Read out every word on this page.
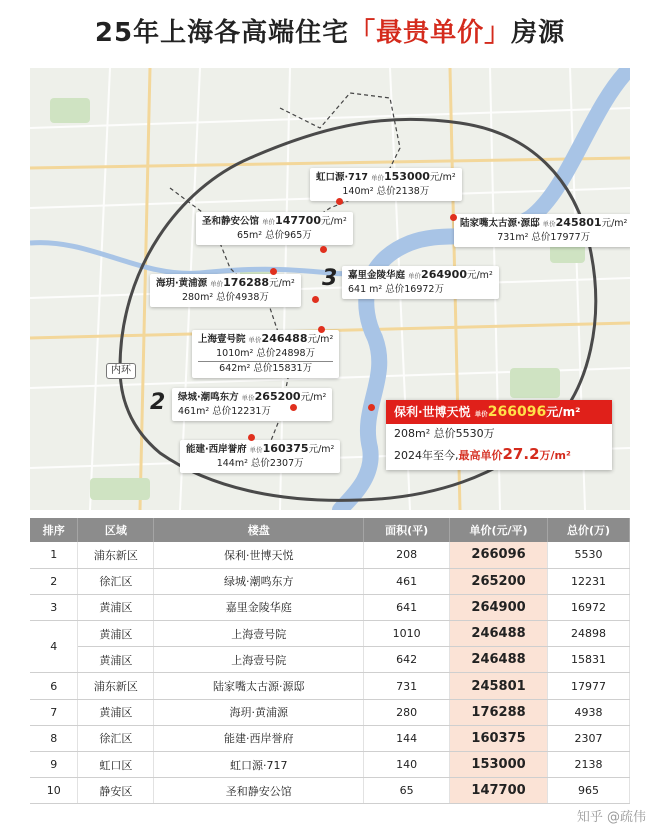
25年上海各高端住宅 「最贵单价」 房源
内环
虹口源·717 单价153000元/m²
140m² 总价2138万
圣和静安公馆 单价147700元/m²
65m² 总价965万
陆家嘴太古源·源邸 单价245801元/m²
731m² 总价17977万
海玥·黄浦源 单价176288元/m²
280m² 总价4938万
3 嘉里金陵华庭 单价264900元/m²
641 m² 总价16972万
上海壹号院 单价246488元/m²
1010m² 总价24898万
642m² 总价15831万
2 绿城·潮鸣东方 单价265200元/m²
461m² 总价12231万
能建·西岸誉府 单价160375元/m²
144m² 总价2307万
保利·世博天悦 单价266096元/m²
208m² 总价5530万
2024年至今,最高单价27.2万/m²
排序	区域	楼盘	面积(平)	单价(元/平)	总价(万)
1	浦东新区	保利·世博天悦	208	266096	5530
2	徐汇区	绿城·潮鸣东方	461	265200	12231
3	黄浦区	嘉里金陵华庭	641	264900	16972
4	黄浦区	上海壹号院	1010	246488	24898
	黄浦区	上海壹号院	642	246488	15831
6	浦东新区	陆家嘴太古源·源邸	731	245801	17977
7	黄浦区	海玥·黄浦源	280	176288	4938
8	徐汇区	能建·西岸誉府	144	160375	2307
9	虹口区	虹口源·717	140	153000	2138
10	静安区	圣和静安公馆	65	147700	965
知乎 @疏伟
